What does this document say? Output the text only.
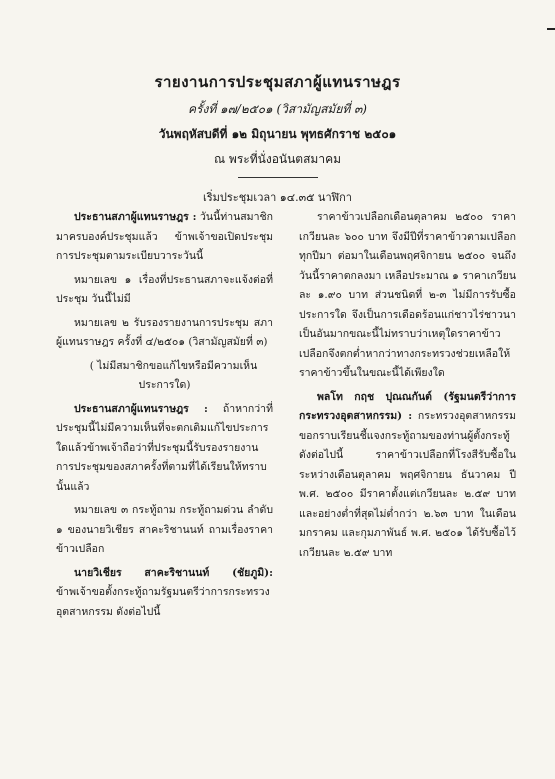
รายงานการประชุมสภาผู้แทนราษฎร
ครั้งที่ ๑๗/๒๕๐๑ (วิสามัญสมัยที่ ๓)
วันพฤหัสบดีที่ ๑๒ มิถุนายน พุทธศักราช ๒๕๐๑
ณ พระที่นั่งอนันตสมาคม
เริ่มประชุมเวลา ๑๔.๓๕ นาฬิกา

ประธานสภาผู้แทนราษฎร : วันนี้ท่านสมาชิกมาครบองค์ประชุมแล้ว ข้าพเจ้าขอเปิดประชุม การประชุมตามระเบียบวาระวันนี้

หมายเลข ๑ เรื่องที่ประธานสภาจะแจ้งต่อที่ประชุม วันนี้ไม่มี

หมายเลข ๒ รับรองรายงานการประชุม สภาผู้แทนราษฎร ครั้งที่ ๔/๒๕๐๑ (วิสามัญสมัยที่ ๓)

( ไม่มีสมาชิกขอแก้ไขหรือมีความเห็นประการใด)

ประธานสภาผู้แทนราษฎร : ถ้าหากว่าที่ประชุมนี้ไม่มีความเห็นที่จะตกเติมแก้ไขประการใดแล้วข้าพเจ้าถือว่าที่ประชุมนี้รับรองรายงานการประชุมของสภาครั้งที่ตามที่ได้เรียนให้ทราบนั้นแล้ว

หมายเลข ๓ กระทู้ถาม กระทู้ถามด่วน ลำดับ ๑ ของนายวิเชียร สาคะริชานนท์ ถามเรื่องราคาข้าวเปลือก

นายวิเชียร สาคะริชานนท์ (ชัยภูมิ): ข้าพเจ้าขอตั้งกระทู้ถามรัฐมนตรีว่าการกระทรวงอุตสาหกรรม ดังต่อไปนี้

ราคาข้าวเปลือกเดือนตุลาคม ๒๕๐๐ ราคาเกวียนละ ๖๐๐ บาท จึงมีปีที่ราคาข้าวตามเปลือกทุกปีมา ต่อมาในเดือนพฤศจิกายน ๒๕๐๐ จนถึงวันนี้ราคาตกลงมา เหลือประมาณ ๑ ราคาเกวียนละ ๑.๙๐ บาท ส่วนชนิดที่ ๒-๓ ไม่มีการรับซื้อประการใด จึงเป็นการเดือดร้อนแก่ชาวไร่ชาวนาเป็นอันมากขณะนี้ไม่ทราบว่าเหตุใดราคาข้าวเปลือกจึงตกต่ำหากว่าทางกระทรวงช่วยเหลือให้ราคาข้าวขึ้นในขณะนี้ได้เพียงใด

พลโท กฤช ปุณณกันต์ (รัฐมนตรีว่าการกระทรวงอุตสาหกรรม) : กระทรวงอุตสาหกรรมขอกราบเรียนชี้แจงกระทู้ถามของท่านผู้ตั้งกระทู้ดังต่อไปนี้ ราคาข้าวเปลือกที่โรงสีรับซื้อในระหว่างเดือนตุลาคม พฤศจิกายน ธันวาคม ปี พ.ศ. ๒๕๐๐ มีราคาตั้งแต่เกวียนละ ๒.๕๙ บาท และอย่างต่ำที่สุดไม่ต่ำกว่า ๒.๖๓ บาท ในเดือนมกราคม และกุมภาพันธ์ พ.ศ. ๒๕๐๑ ได้รับซื้อไว้เกวียนละ ๒.๕๙ บาท
